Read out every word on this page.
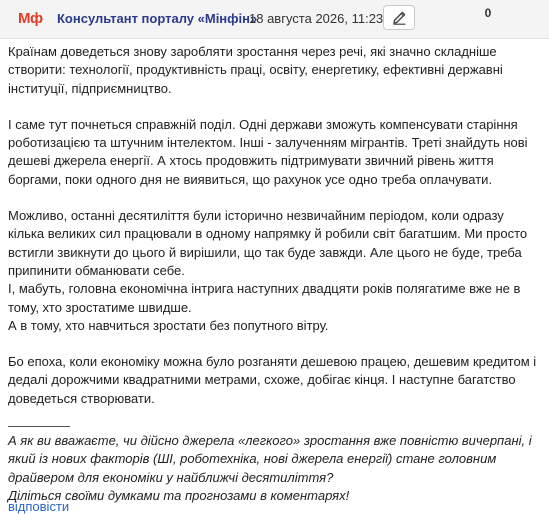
Мф Консультант порталу «Мінфін»
18 августа 2026, 11:23	0

Країнам доведеться знову заробляти зростання через речі, які значно складніше створити: технології, продуктивність праці, освіту, енергетику, ефективні державні інституції, підприємництво.

І саме тут почнеться справжній поділ. Одні держави зможуть компенсувати старіння роботизацією та штучним інтелектом. Інші - залученням мігрантів. Треті знайдуть нові дешеві джерела енергії. А хтось продовжить підтримувати звичний рівень життя боргами, поки одного дня не виявиться, що рахунок усе одно треба оплачувати.

Можливо, останні десятиліття були історично незвичайним періодом, коли одразу кілька великих сил працювали в одному напрямку й робили світ багатшим. Ми просто встигли звикнути до цього й вирішили, що так буде завжди. Але цього не буде, треба припинити обманювати себе.

І, мабуть, головна економічна інтрига наступних двадцяти років полягатиме вже не в тому, хто зростатиме швидше.

А в тому, хто навчиться зростати без попутного вітру.

Бо епоха, коли економіку можна було розганяти дешевою працею, дешевим кредитом і дедалі дорожчими квадратними метрами, схоже, добігає кінця. І наступне багатство доведеться створювати.

А як ви вважаєте, чи дійсно джерела «легкого» зростання вже повністю вичерпані, і який із нових факторів (ШІ, роботехніка, нові джерела енергії) стане головним драйвером для економіки у найближчі десятиліття?
Діліться своїми думками та прогнозами в коментарях!
відповісти
